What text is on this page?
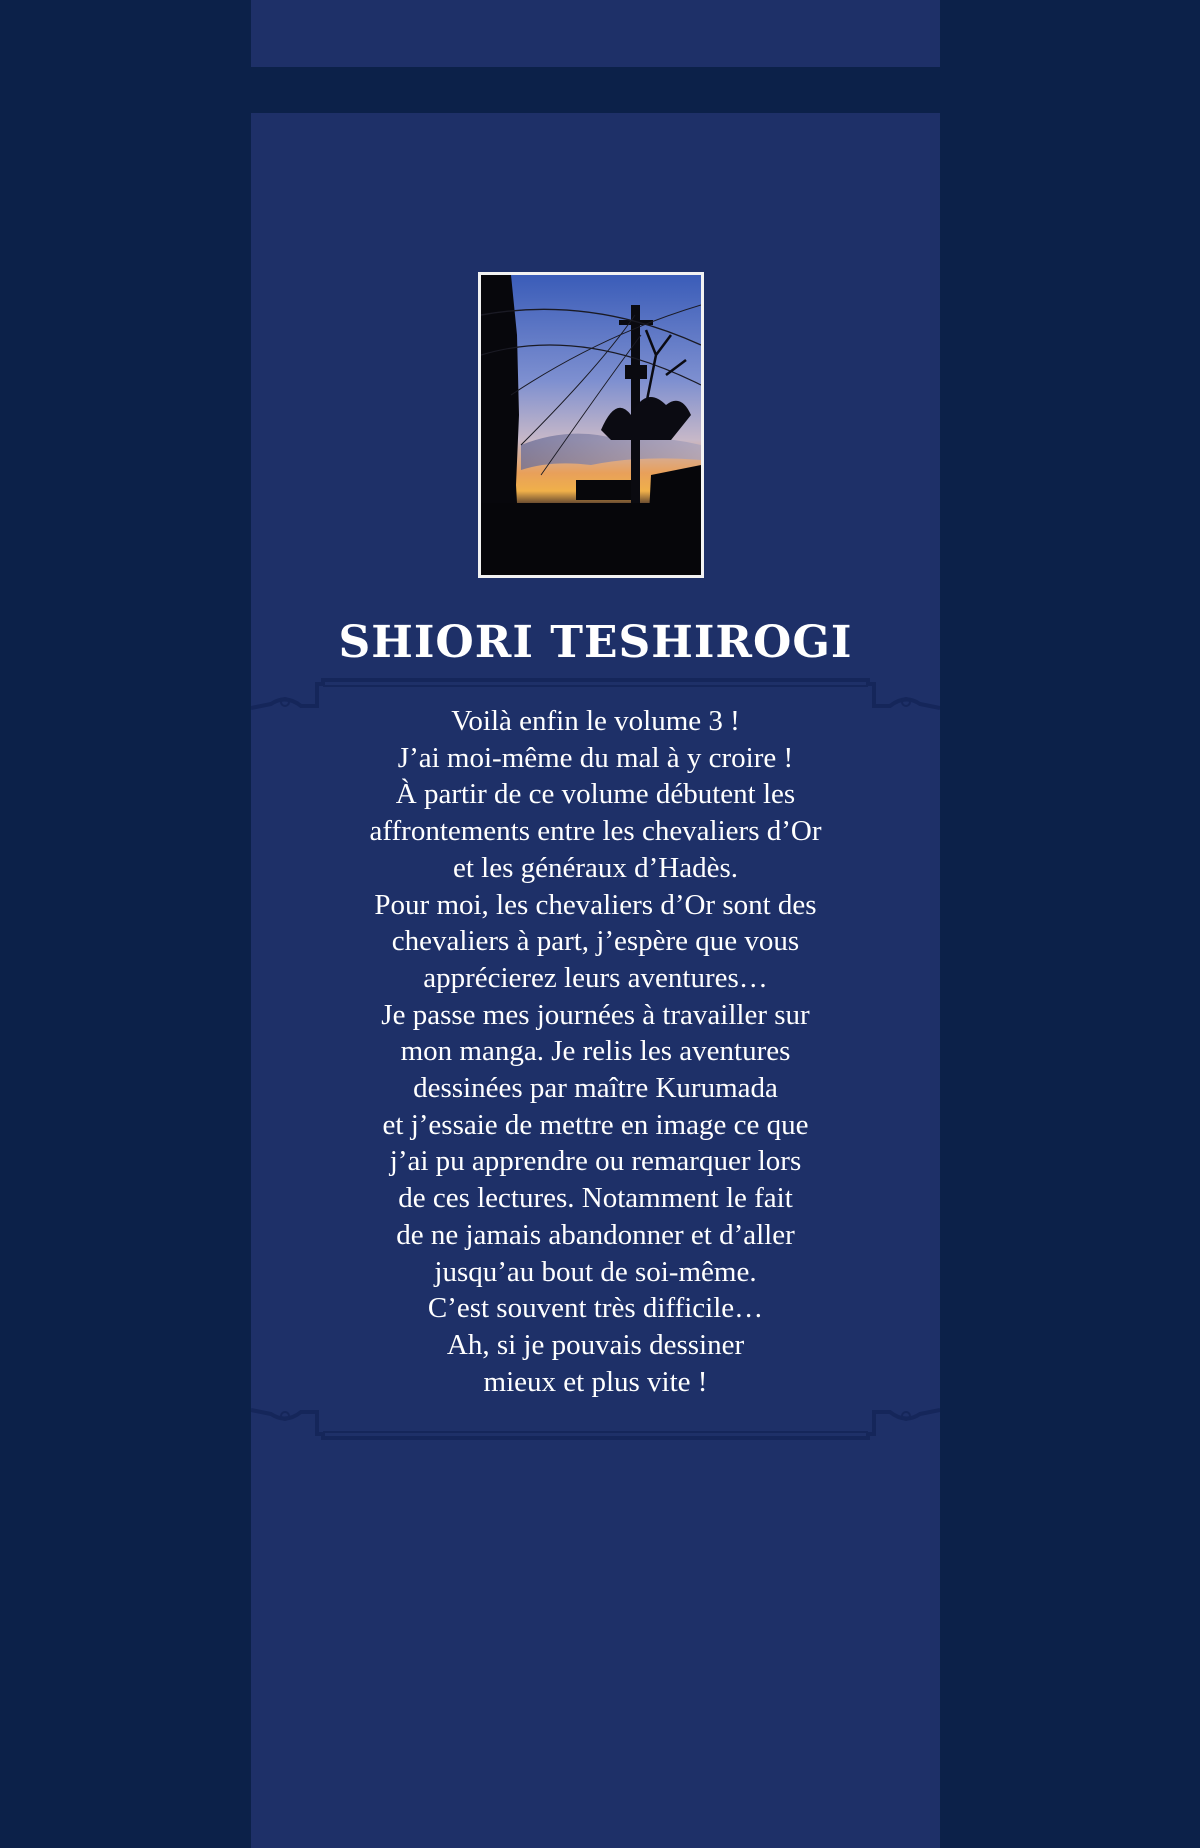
SHIORI TESHIROGI
Voilà enfin le volume 3 !
J’ai moi-même du mal à y croire !
À partir de ce volume débutent les
affrontements entre les chevaliers d’Or
et les généraux d’Hadès.
Pour moi, les chevaliers d’Or sont des
chevaliers à part, j’espère que vous
apprécierez leurs aventures…
Je passe mes journées à travailler sur
mon manga. Je relis les aventures
dessinées par maître Kurumada
et j’essaie de mettre en image ce que
j’ai pu apprendre ou remarquer lors
de ces lectures. Notamment le fait
de ne jamais abandonner et d’aller
jusqu’au bout de soi-même.
C’est souvent très difficile…
Ah, si je pouvais dessiner
mieux et plus vite !
